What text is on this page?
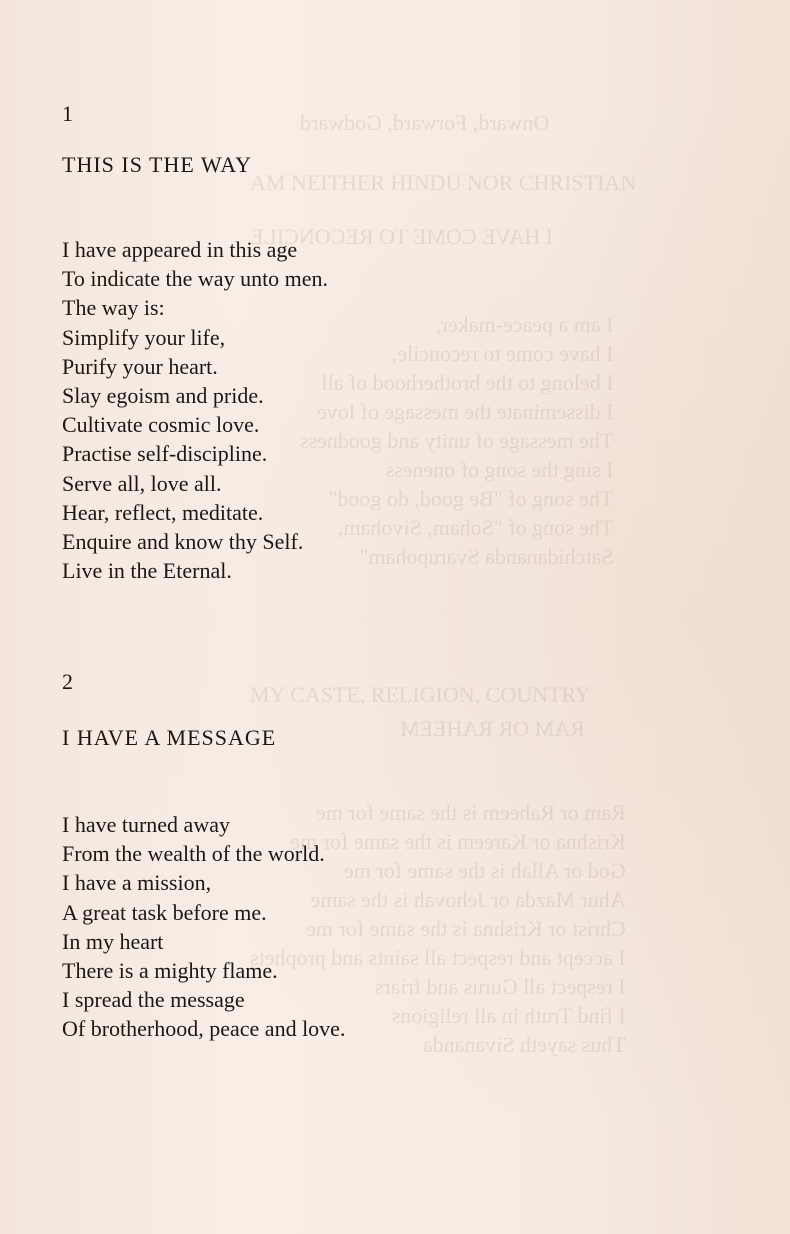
Onward, Forward, Godward
AM NEITHER HINDU NOR CHRISTIAN
I HAVE COME TO RECONCILE
I am a peace-maker,
I have come to reconcile,
I belong to the brotherhood of all
I disseminate the message of love
The message of unity and goodness
I sing the song of oneness
The song of "Be good, do good"
The song of "Soham, Sivoham,
Satchidananda Svarupoham"
MY CASTE, RELIGION, COUNTRY
RAM OR RAHEEM
Ram or Raheem is the same for me
Krishna or Kareem is the same for me
God or Allah is the same for me
Ahur Mazda or Jehovah is the same
Christ or Krishna is the same for me
I accept and respect all saints and prophets
I respect all Gurus and friars
I find Truth in all religions
Thus sayeth Sivananda
1
THIS IS THE WAY
I have appeared in this age
To indicate the way unto men.
The way is:
Simplify your life,
Purify your heart.
Slay egoism and pride.
Cultivate cosmic love.
Practise self-discipline.
Serve all, love all.
Hear, reflect, meditate.
Enquire and know thy Self.
Live in the Eternal.
2
I HAVE A MESSAGE
I have turned away
From the wealth of the world.
I have a mission,
A great task before me.
In my heart
There is a mighty flame.
I spread the message
Of brotherhood, peace and love.
